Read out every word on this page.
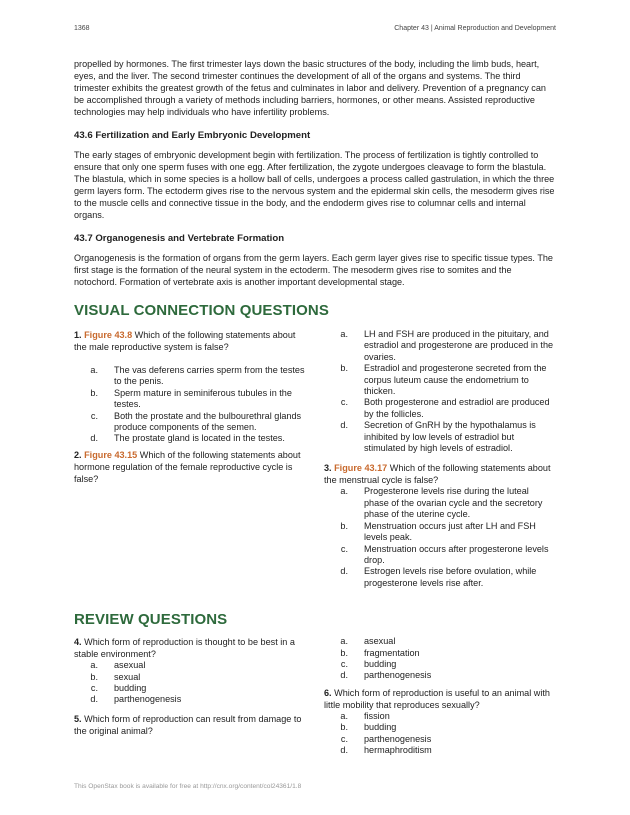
1368	Chapter 43 | Animal Reproduction and Development

propelled by hormones. The first trimester lays down the basic structures of the body, including the limb buds, heart, eyes, and the liver. The second trimester continues the development of all of the organs and systems. The third trimester exhibits the greatest growth of the fetus and culminates in labor and delivery. Prevention of a pregnancy can be accomplished through a variety of methods including barriers, hormones, or other means. Assisted reproductive technologies may help individuals who have infertility problems.

43.6 Fertilization and Early Embryonic Development

The early stages of embryonic development begin with fertilization. The process of fertilization is tightly controlled to ensure that only one sperm fuses with one egg. After fertilization, the zygote undergoes cleavage to form the blastula. The blastula, which in some species is a hollow ball of cells, undergoes a process called gastrulation, in which the three germ layers form. The ectoderm gives rise to the nervous system and the epidermal skin cells, the mesoderm gives rise to the muscle cells and connective tissue in the body, and the endoderm gives rise to columnar cells and internal organs.

43.7 Organogenesis and Vertebrate Formation

Organogenesis is the formation of organs from the germ layers. Each germ layer gives rise to specific tissue types. The first stage is the formation of the neural system in the ectoderm. The mesoderm gives rise to somites and the notochord. Formation of vertebrate axis is another important developmental stage.

VISUAL CONNECTION QUESTIONS
1. Figure 43.8 Which of the following statements about the male reproductive system is false?
a.	The vas deferens carries sperm from the testes to the penis.
b.	Sperm mature in seminiferous tubules in the testes.
c.	Both the prostate and the bulbourethral glands produce components of the semen.
d.	The prostate gland is located in the testes.
2. Figure 43.15 Which of the following statements about hormone regulation of the female reproductive cycle is false?
a.	LH and FSH are produced in the pituitary, and estradiol and progesterone are produced in the ovaries.
b.	Estradiol and progesterone secreted from the corpus luteum cause the endometrium to thicken.
c.	Both progesterone and estradiol are produced by the follicles.
d.	Secretion of GnRH by the hypothalamus is inhibited by low levels of estradiol but stimulated by high levels of estradiol.
3. Figure 43.17 Which of the following statements about the menstrual cycle is false?
a.	Progesterone levels rise during the luteal phase of the ovarian cycle and the secretory phase of the uterine cycle.
b.	Menstruation occurs just after LH and FSH levels peak.
c.	Menstruation occurs after progesterone levels drop.
d.	Estrogen levels rise before ovulation, while progesterone levels rise after.
REVIEW QUESTIONS
4. Which form of reproduction is thought to be best in a stable environment?
a.	asexual
b.	sexual
c.	budding
d.	parthenogenesis
5. Which form of reproduction can result from damage to the original animal?
a.	asexual
b.	fragmentation
c.	budding
d.	parthenogenesis
6. Which form of reproduction is useful to an animal with little mobility that reproduces sexually?
a.	fission
b.	budding
c.	parthenogenesis
d.	hermaphroditism
This OpenStax book is available for free at http://cnx.org/content/col24361/1.8
